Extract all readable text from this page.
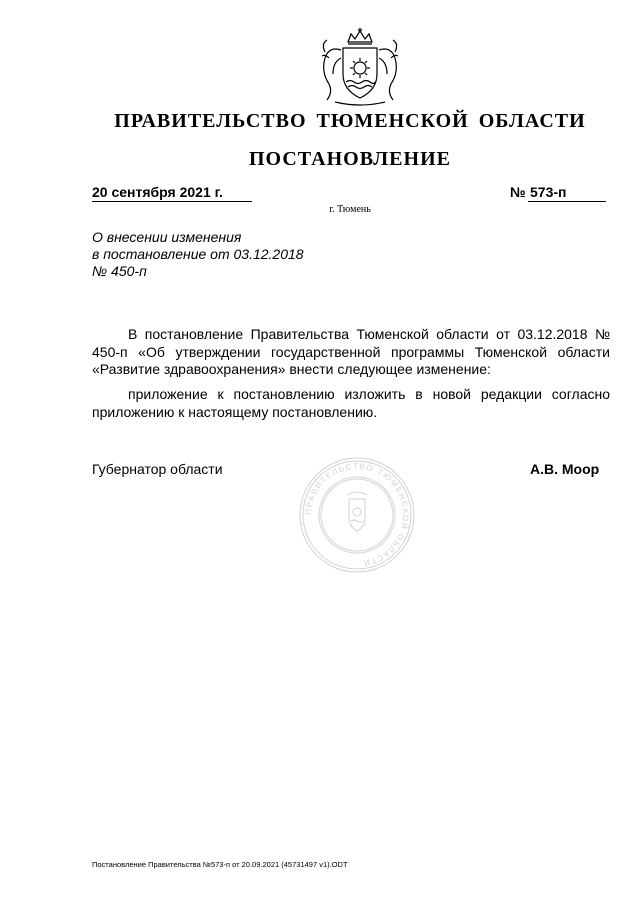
ПРАВИТЕЛЬСТВО ТЮМЕНСКОЙ ОБЛАСТИ
ПОСТАНОВЛЕНИЕ
20 сентября 2021 г.	№ 573-п
г. Тюмень
О внесении изменения
в постановление от 03.12.2018
№ 450-п
В постановление Правительства Тюменской области от 03.12.2018 № 450-п «Об утверждении государственной программы Тюменской области «Развитие здравоохранения» внести следующее изменение:
приложение к постановлению изложить в новой редакции согласно приложению к настоящему постановлению.
ПРАВИТЕЛЬСТВО ТЮМЕНСКОЙ ОБЛАСТИ
Губернатор области	А.В. Моор
Постановление Правительства №573-п от 20.09.2021 (45731497 v1).ODT
